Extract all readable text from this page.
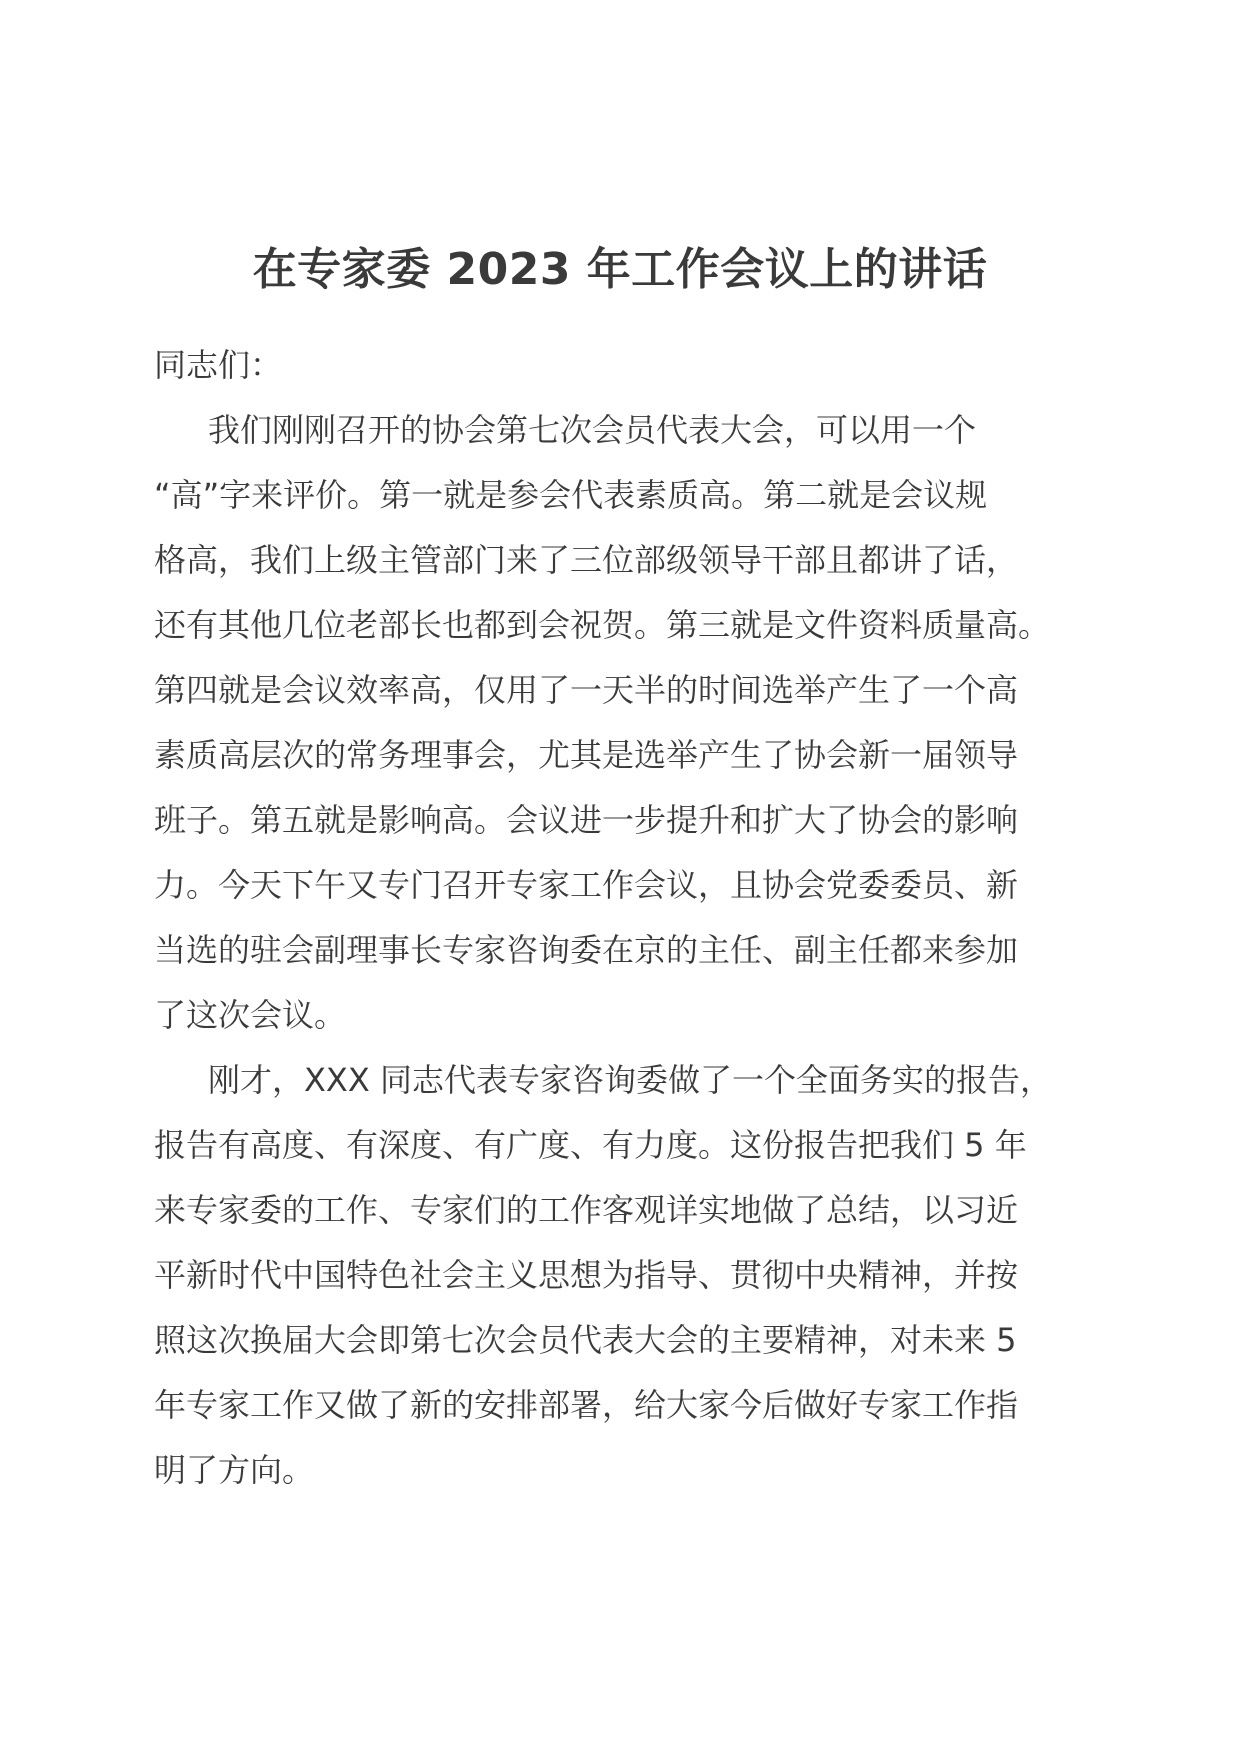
在专家委 2023 年工作会议上的讲话
同志们：
我们刚刚召开的协会第七次会员代表大会，可以用一个
“高”字来评价。第一就是参会代表素质高。第二就是会议规
格高，我们上级主管部门来了三位部级领导干部且都讲了话，
还有其他几位老部长也都到会祝贺。第三就是文件资料质量高。
第四就是会议效率高，仅用了一天半的时间选举产生了一个高
素质高层次的常务理事会，尤其是选举产生了协会新一届领导
班子。第五就是影响高。会议进一步提升和扩大了协会的影响
力。今天下午又专门召开专家工作会议，且协会党委委员、新
当选的驻会副理事长专家咨询委在京的主任、副主任都来参加
了这次会议。
刚才，XXX 同志代表专家咨询委做了一个全面务实的报告，
报告有高度、有深度、有广度、有力度。这份报告把我们 5 年
来专家委的工作、专家们的工作客观详实地做了总结，以习近
平新时代中国特色社会主义思想为指导、贯彻中央精神，并按
照这次换届大会即第七次会员代表大会的主要精神，对未来 5
年专家工作又做了新的安排部署，给大家今后做好专家工作指
明了方向。
